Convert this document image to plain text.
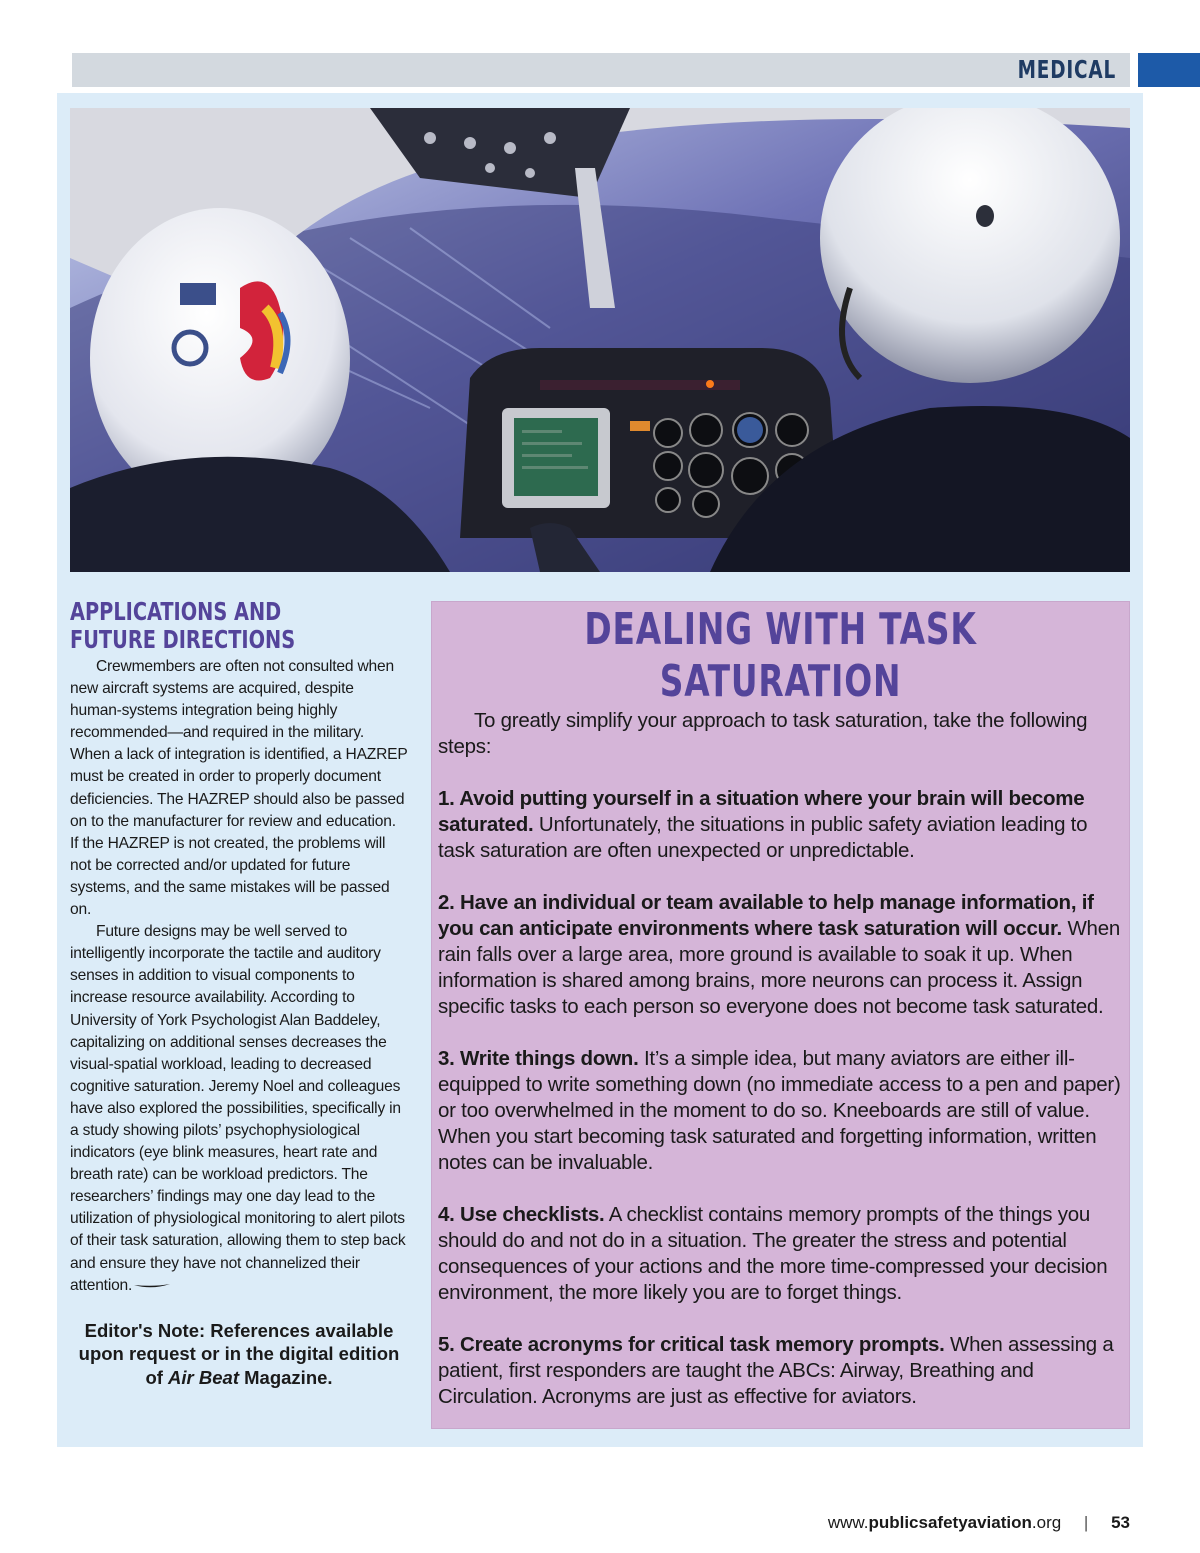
MEDICAL
APPLICATIONS AND
FUTURE DIRECTIONS

Crewmembers are often not consulted when new aircraft systems are acquired, despite human-systems integration being highly recommended—and required in the military. When a lack of integration is identified, a HAZREP must be created in order to properly document deficiencies. The HAZREP should also be passed on to the manufacturer for review and education. If the HAZREP is not created, the problems will not be corrected and/or updated for future systems, and the same mistakes will be passed on.

Future designs may be well served to intelligently incorporate the tactile and auditory senses in addition to visual components to increase resource availability. According to University of York Psychologist Alan Baddeley, capitalizing on additional senses decreases the visual-spatial workload, leading to decreased cognitive saturation. Jeremy Noel and colleagues have also explored the possibilities, specifically in a study showing pilots’ psychophysiological indicators (eye blink measures, heart rate and breath rate) can be workload predictors. The researchers’ findings may one day lead to the utilization of physiological monitoring to alert pilots of their task saturation, allowing them to step back and ensure they have not channelized their attention.

Editor's Note: References available upon request or in the digital edition of Air Beat Magazine.
DEALING WITH TASK SATURATION

To greatly simplify your approach to task saturation, take the following steps:

1. Avoid putting yourself in a situation where your brain will become saturated. Unfortunately, the situations in public safety aviation leading to task saturation are often unexpected or unpredictable.

2. Have an individual or team available to help manage information, if you can anticipate environments where task saturation will occur. When rain falls over a large area, more ground is available to soak it up. When information is shared among brains, more neurons can process it. Assign specific tasks to each person so everyone does not become task saturated.

3. Write things down. It’s a simple idea, but many aviators are either ill-equipped to write something down (no immediate access to a pen and paper) or too overwhelmed in the moment to do so. Kneeboards are still of value. When you start becoming task saturated and forgetting information, written notes can be invaluable.

4. Use checklists. A checklist contains memory prompts of the things you should do and not do in a situation. The greater the stress and potential consequences of your actions and the more time-compressed your decision environment, the more likely you are to forget things.

5. Create acronyms for critical task memory prompts. When assessing a patient, first responders are taught the ABCs: Airway, Breathing and Circulation. Acronyms are just as effective for aviators.

www.publicsafetyaviation.org | 53
